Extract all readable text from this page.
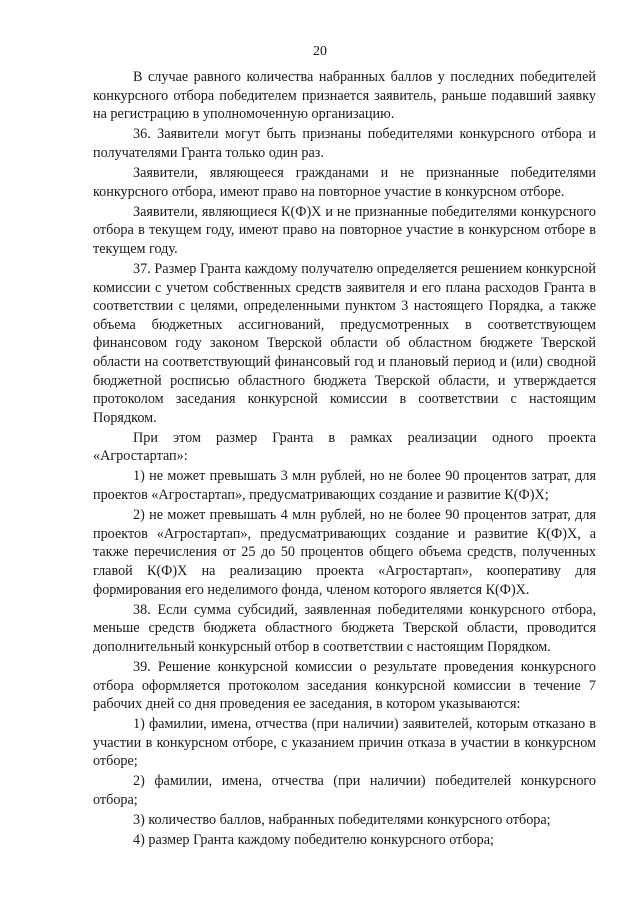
20

В случае равного количества набранных баллов у последних победителей конкурсного отбора победителем признается заявитель, раньше подавший заявку на регистрацию в уполномоченную организацию.

36. Заявители могут быть признаны победителями конкурсного отбора и получателями Гранта только один раз.

Заявители, являющееся гражданами и не признанные победителями конкурсного отбора, имеют право на повторное участие в конкурсном отборе.

Заявители, являющиеся К(Ф)Х и не признанные победителями конкурсного отбора в текущем году, имеют право на повторное участие в конкурсном отборе в текущем году.

37. Размер Гранта каждому получателю определяется решением конкурсной комиссии с учетом собственных средств заявителя и его плана расходов Гранта в соответствии с целями, определенными пунктом 3 настоящего Порядка, а также объема бюджетных ассигнований, предусмотренных в соответствующем финансовом году законом Тверской области об областном бюджете Тверской области на соответствующий финансовый год и плановый период и (или) сводной бюджетной росписью областного бюджета Тверской области, и утверждается протоколом заседания конкурсной комиссии в соответствии с настоящим Порядком.

При этом размер Гранта в рамках реализации одного проекта «Агростартап»:

1) не может превышать 3 млн рублей, но не более 90 процентов затрат, для проектов «Агростартап», предусматривающих создание и развитие К(Ф)Х;

2) не может превышать 4 млн рублей, но не более 90 процентов затрат, для проектов «Агростартап», предусматривающих создание и развитие К(Ф)Х, а также перечисления от 25 до 50 процентов общего объема средств, полученных главой К(Ф)Х на реализацию проекта «Агростартап», кооперативу для формирования его неделимого фонда, членом которого является К(Ф)Х.

38. Если сумма субсидий, заявленная победителями конкурсного отбора, меньше средств бюджета областного бюджета Тверской области, проводится дополнительный конкурсный отбор в соответствии с настоящим Порядком.

39. Решение конкурсной комиссии о результате проведения конкурсного отбора оформляется протоколом заседания конкурсной комиссии в течение 7 рабочих дней со дня проведения ее заседания, в котором указываются:

1) фамилии, имена, отчества (при наличии) заявителей, которым отказано в участии в конкурсном отборе, с указанием причин отказа в участии в конкурсном отборе;

2) фамилии, имена, отчества (при наличии) победителей конкурсного отбора;

3) количество баллов, набранных победителями конкурсного отбора;

4) размер Гранта каждому победителю конкурсного отбора;
